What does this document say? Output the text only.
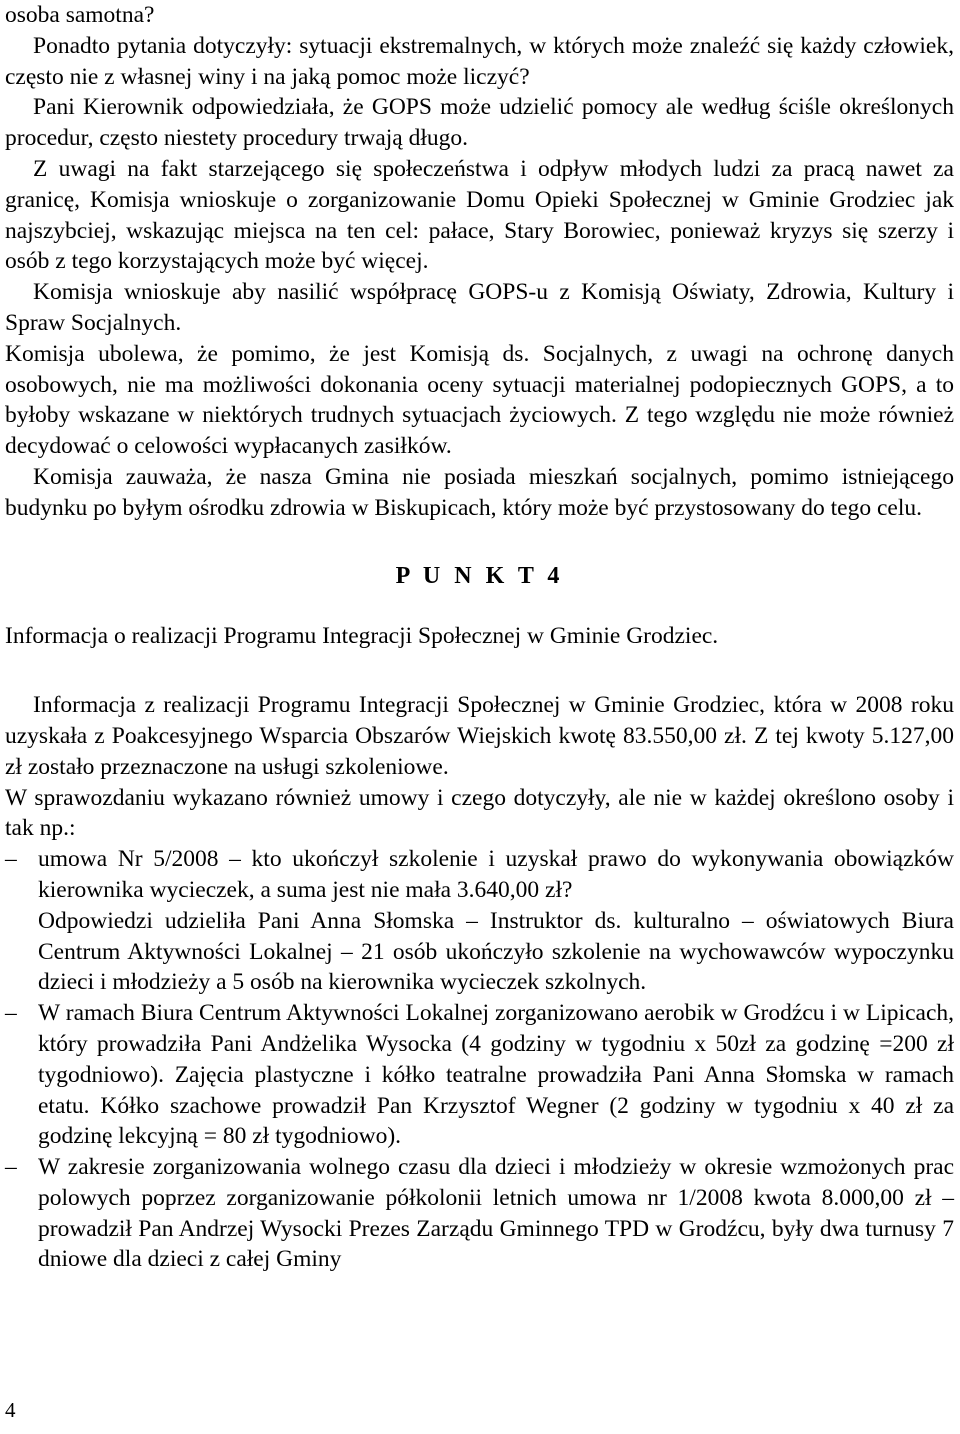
osoba samotna?

Ponadto pytania dotyczyły: sytuacji ekstremalnych, w których może znaleźć się każdy człowiek, często nie z własnej winy i na jaką pomoc może liczyć?

Pani Kierownik odpowiedziała, że GOPS może udzielić pomocy ale według ściśle określonych procedur, często niestety procedury trwają długo.

Z uwagi na fakt starzejącego się społeczeństwa i odpływ młodych ludzi za pracą nawet za granicę, Komisja wnioskuje o zorganizowanie Domu Opieki Społecznej w Gminie Grodziec jak najszybciej, wskazując miejsca na ten cel: pałace, Stary Borowiec, ponieważ kryzys się szerzy i osób z tego korzystających może być więcej.

Komisja wnioskuje aby nasilić współpracę GOPS-u z Komisją Oświaty, Zdrowia, Kultury i Spraw Socjalnych.

Komisja ubolewa, że pomimo, że jest Komisją ds. Socjalnych, z uwagi na ochronę danych osobowych, nie ma możliwości dokonania oceny sytuacji materialnej podopiecznych GOPS, a to byłoby wskazane w niektórych trudnych sytuacjach życiowych. Z tego względu nie może również decydować o celowości wypłacanych zasiłków.

Komisja zauważa, że nasza Gmina nie posiada mieszkań socjalnych, pomimo istniejącego budynku po byłym ośrodku zdrowia w Biskupicach, który może być przystosowany do tego celu.

P U N K T 4

Informacja o realizacji Programu Integracji Społecznej w Gminie Grodziec.

Informacja z realizacji Programu Integracji Społecznej w Gminie Grodziec, która w 2008 roku uzyskała z Poakcesyjnego Wsparcia Obszarów Wiejskich kwotę 83.550,00 zł. Z tej kwoty 5.127,00 zł zostało przeznaczone na usługi szkoleniowe.

W sprawozdaniu wykazano również umowy i czego dotyczyły, ale nie w każdej określono osoby i tak np.:

– umowa Nr 5/2008 – kto ukończył szkolenie i uzyskał prawo do wykonywania obowiązków kierownika wycieczek, a suma jest nie mała 3.640,00 zł?
Odpowiedzi udzieliła Pani Anna Słomska – Instruktor ds. kulturalno – oświatowych Biura Centrum Aktywności Lokalnej – 21 osób ukończyło szkolenie na wychowawców wypoczynku dzieci i młodzieży a 5 osób na kierownika wycieczek szkolnych.
– W ramach Biura Centrum Aktywności Lokalnej zorganizowano aerobik w Grodźcu i w Lipicach, który prowadziła Pani Andżelika Wysocka (4 godziny w tygodniu x 50zł za godzinę =200 zł tygodniowo). Zajęcia plastyczne i kółko teatralne prowadziła Pani Anna Słomska w ramach etatu. Kółko szachowe prowadził Pan Krzysztof Wegner (2 godziny w tygodniu x 40 zł za godzinę lekcyjną = 80 zł tygodniowo).
– W zakresie zorganizowania wolnego czasu dla dzieci i młodzieży w okresie wzmożonych prac polowych poprzez zorganizowanie półkolonii letnich umowa nr 1/2008 kwota 8.000,00 zł – prowadził Pan Andrzej Wysocki Prezes Zarządu Gminnego TPD w Grodźcu, były dwa turnusy 7 dniowe dla dzieci z całej Gminy
4
